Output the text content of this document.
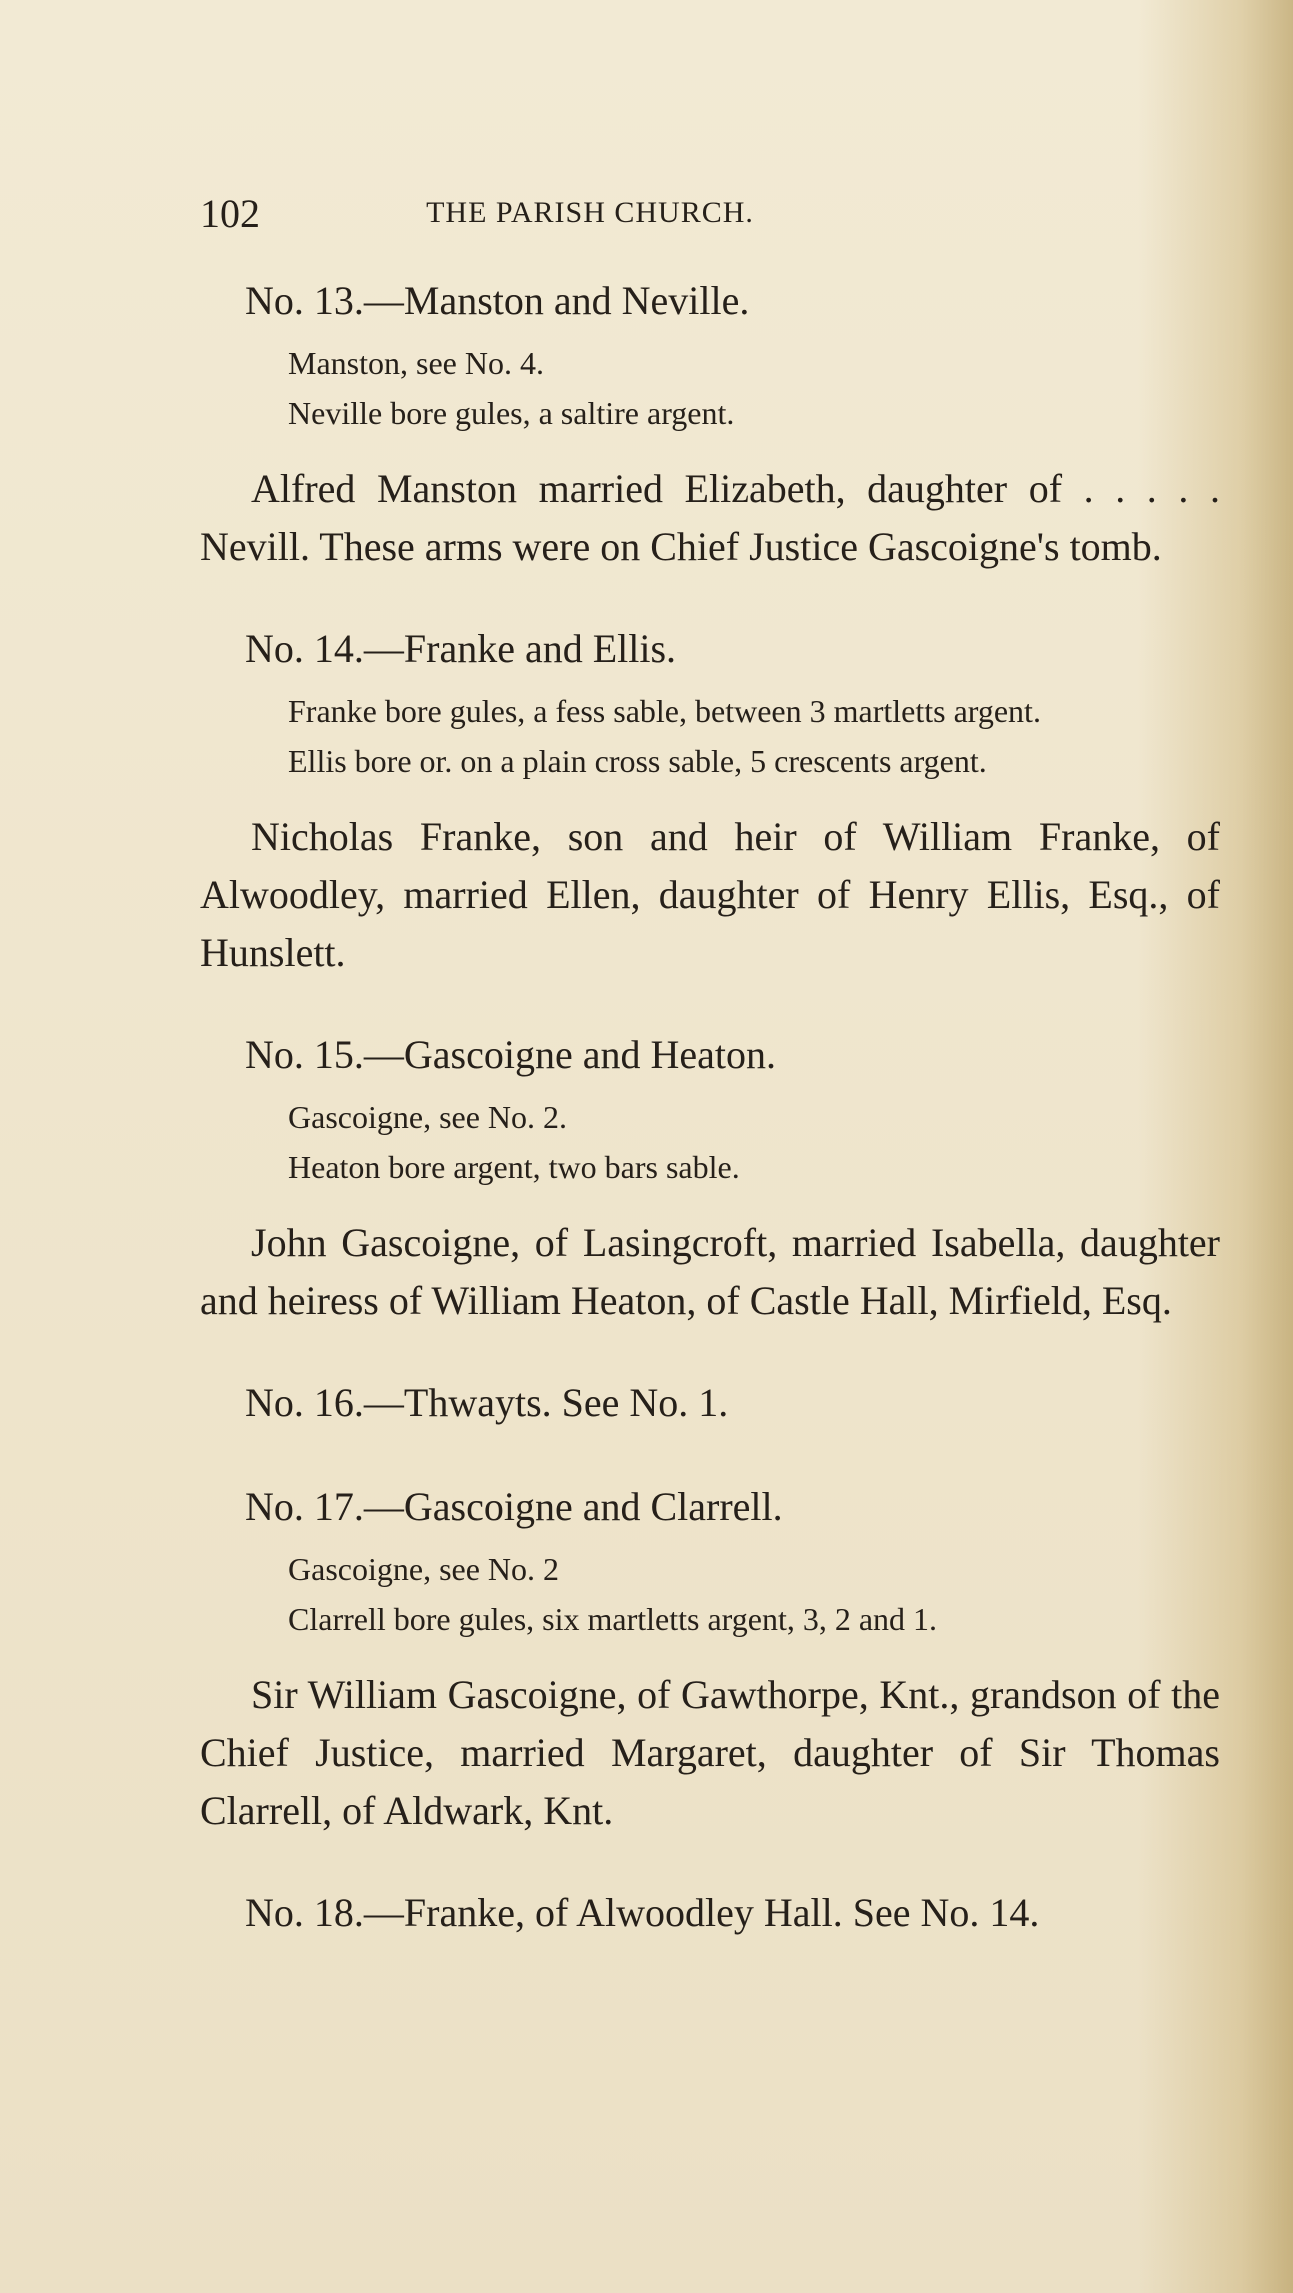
102	THE PARISH CHURCH.

No. 13.—Manston and Neville.

Manston, see No. 4.

Neville bore gules, a saltire argent.

Alfred Manston married Elizabeth, daughter of . . . . . Nevill. These arms were on Chief Justice Gascoigne's tomb.

No. 14.—Franke and Ellis.

Franke bore gules, a fess sable, between 3 martletts argent.

Ellis bore or. on a plain cross sable, 5 crescents argent.

Nicholas Franke, son and heir of William Franke, of Alwoodley, married Ellen, daughter of Henry Ellis, Esq., of Hunslett.

No. 15.—Gascoigne and Heaton.

Gascoigne, see No. 2.

Heaton bore argent, two bars sable.

John Gascoigne, of Lasingcroft, married Isabella, daughter and heiress of William Heaton, of Castle Hall, Mirfield, Esq.

No. 16.—Thwayts. See No. 1.

No. 17.—Gascoigne and Clarrell.

Gascoigne, see No. 2

Clarrell bore gules, six martletts argent, 3, 2 and 1.

Sir William Gascoigne, of Gawthorpe, Knt., grandson of the Chief Justice, married Margaret, daughter of Sir Thomas Clarrell, of Aldwark, Knt.

No. 18.—Franke, of Alwoodley Hall. See No. 14.
